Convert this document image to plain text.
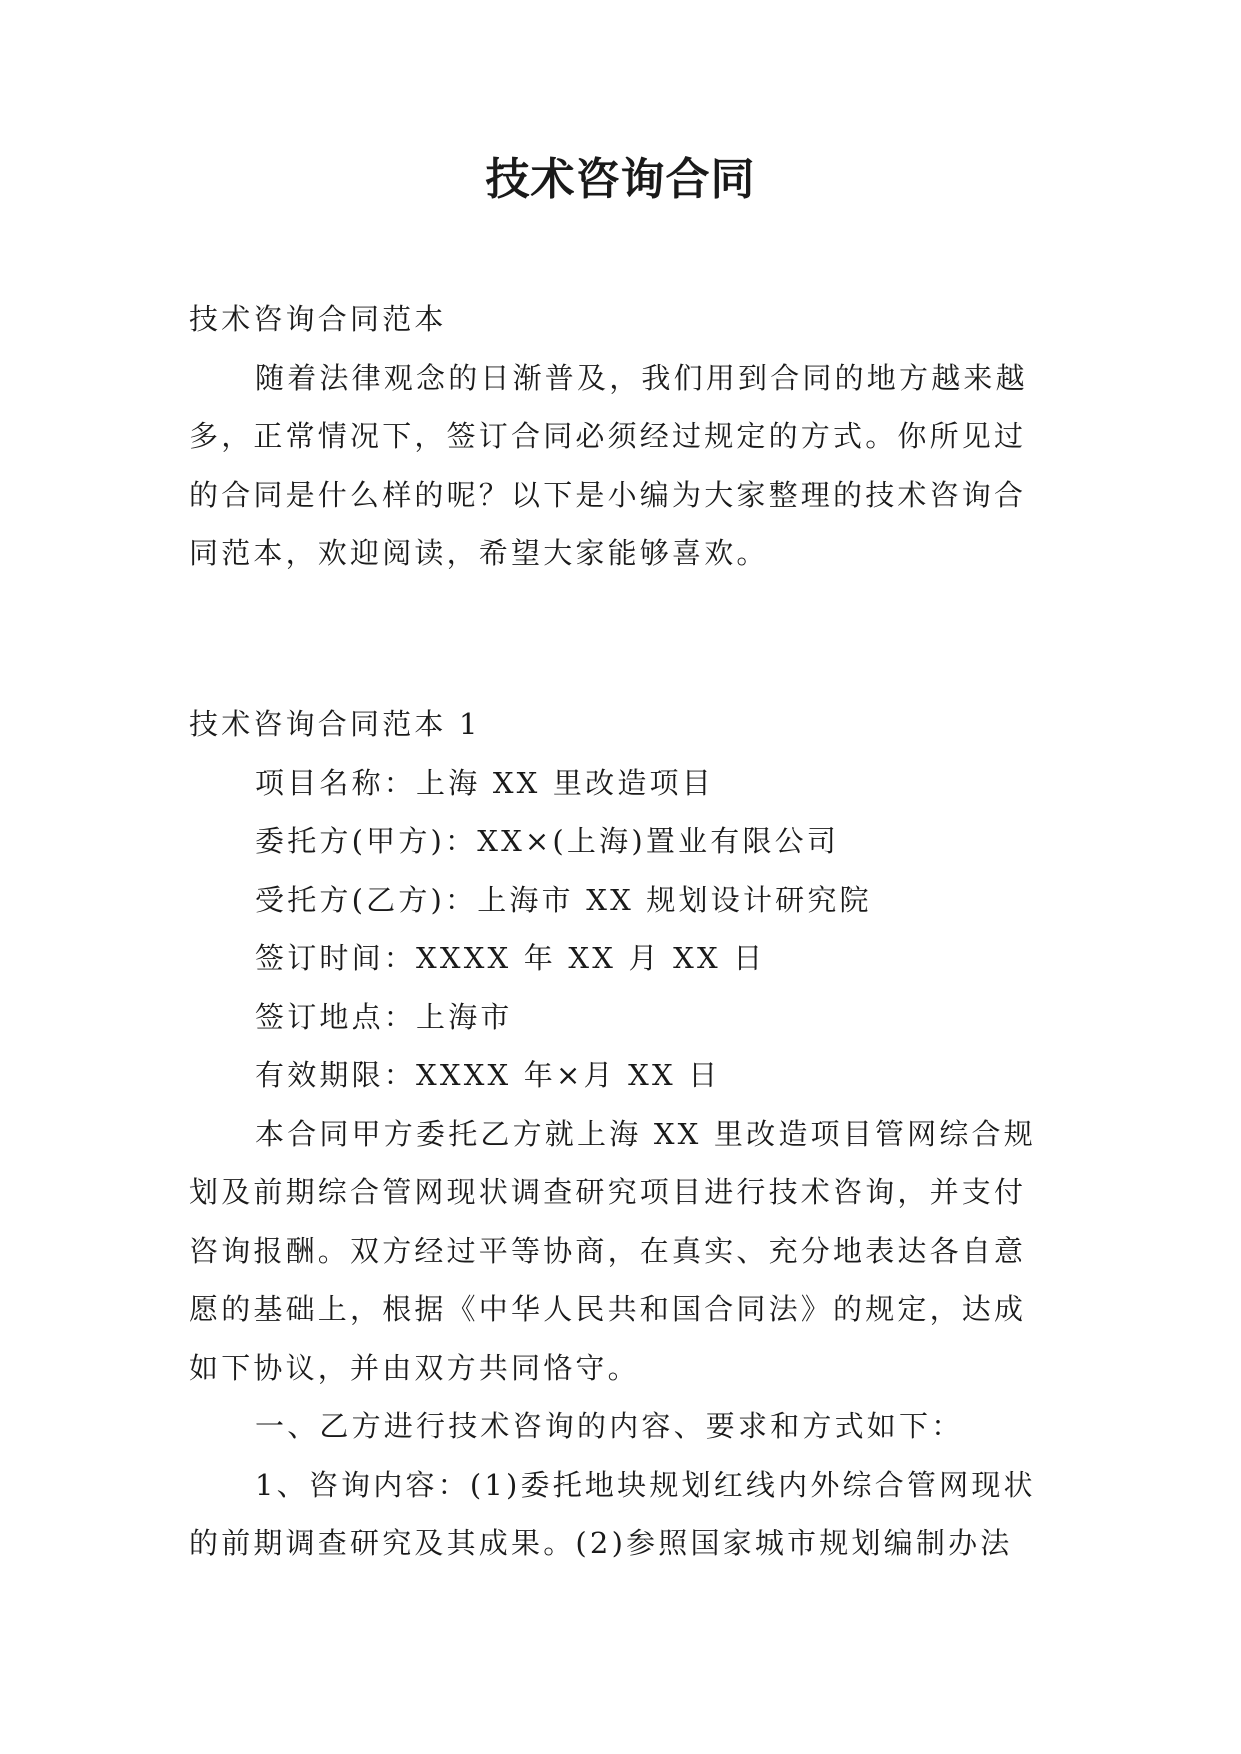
技术咨询合同

技术咨询合同范本

随着法律观念的日渐普及，我们用到合同的地方越来越多，正常情况下，签订合同必须经过规定的方式。你所见过的合同是什么样的呢？以下是小编为大家整理的技术咨询合同范本，欢迎阅读，希望大家能够喜欢。

技术咨询合同范本 1

项目名称：上海 XX 里改造项目

委托方(甲方)：XX×(上海)置业有限公司

受托方(乙方)：上海市 XX 规划设计研究院

签订时间：XXXX 年 XX 月 XX 日

签订地点：上海市

有效期限：XXXX 年×月 XX 日

本合同甲方委托乙方就上海 XX 里改造项目管网综合规划及前期综合管网现状调查研究项目进行技术咨询，并支付咨询报酬。双方经过平等协商，在真实、充分地表达各自意愿的基础上，根据《中华人民共和国合同法》的规定，达成如下协议，并由双方共同恪守。

一、乙方进行技术咨询的内容、要求和方式如下：

1、咨询内容：(1)委托地块规划红线内外综合管网现状的前期调查研究及其成果。(2)参照国家城市规划编制办法
